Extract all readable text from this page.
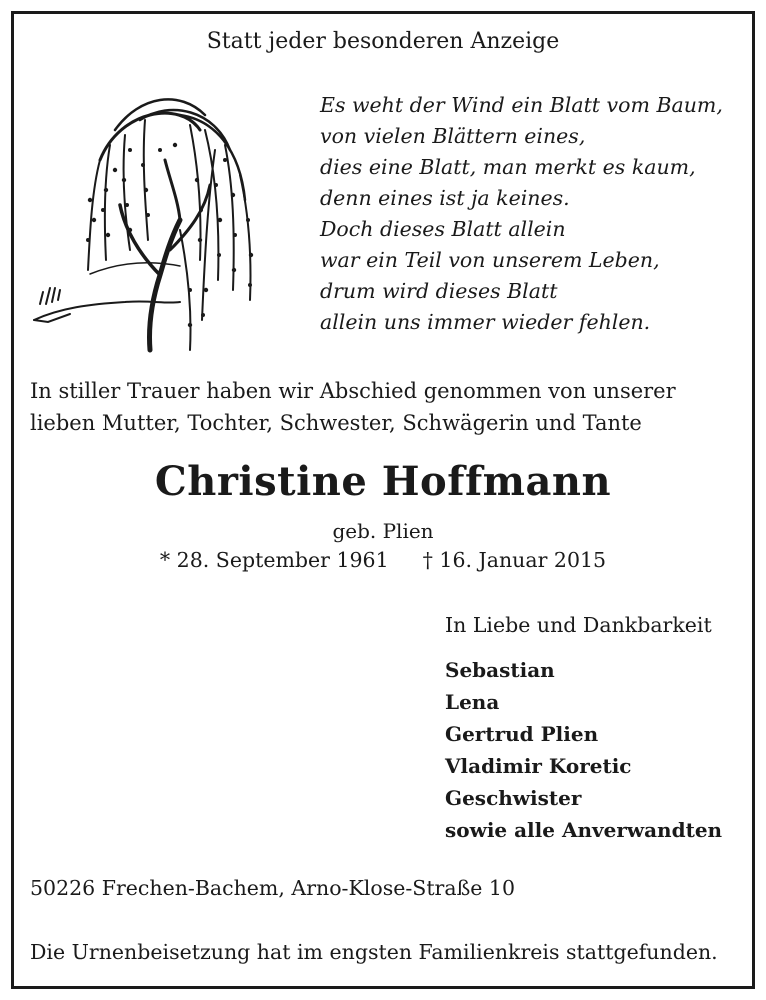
Statt jeder besonderen Anzeige
Es weht der Wind ein Blatt vom Baum,
von vielen Blättern eines,
dies eine Blatt, man merkt es kaum,
denn eines ist ja keines.
Doch dieses Blatt allein
war ein Teil von unserem Leben,
drum wird dieses Blatt
allein uns immer wieder fehlen.
In stiller Trauer haben wir Abschied genommen von unserer
lieben Mutter, Tochter, Schwester, Schwägerin und Tante
Christine Hoffmann
geb. Plien
* 28. September 1961 † 16. Januar 2015
In Liebe und Dankbarkeit
Sebastian
Lena
Gertrud Plien
Vladimir Koretic
Geschwister
sowie alle Anverwandten
50226 Frechen-Bachem, Arno-Klose-Straße 10
Die Urnenbeisetzung hat im engsten Familienkreis stattgefunden.
